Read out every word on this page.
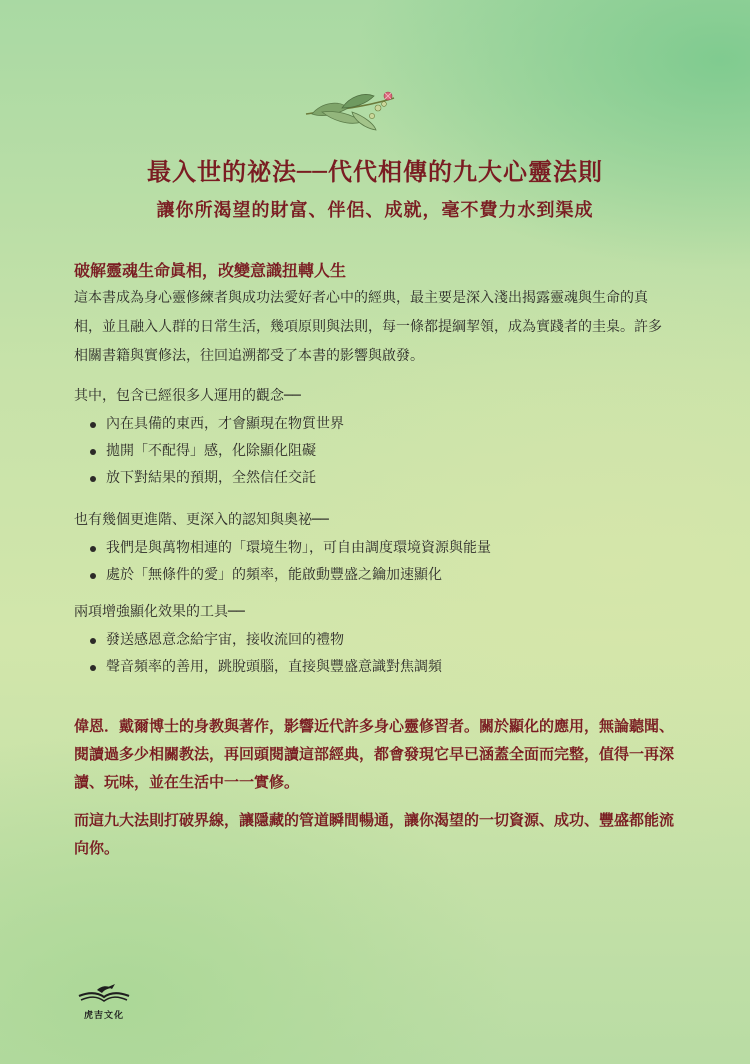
最入世的祕法──代代相傳的九大心靈法則
讓你所渴望的財富、伴侶、成就，毫不費力水到渠成
破解靈魂生命眞相，改變意識扭轉人生

這本書成為身心靈修練者與成功法愛好者心中的經典，最主要是深入淺出揭露靈魂與生命的真相，並且融入人群的日常生活，幾項原則與法則，每一條都提綱挈領，成為實踐者的圭臬。許多相關書籍與實修法，往回追溯都受了本書的影響與啟發。

其中，包含已經很多人運用的觀念──

內在具備的東西，才會顯現在物質世界
拋開「不配得」感，化除顯化阻礙
放下對結果的預期，全然信任交託

也有幾個更進階、更深入的認知與奧祕──

我們是與萬物相連的「環境生物」，可自由調度環境資源與能量
處於「無條件的愛」的頻率，能啟動豐盛之鑰加速顯化

兩項增強顯化效果的工具──

發送感恩意念給宇宙，接收流回的禮物
聲音頻率的善用，跳脫頭腦，直接與豐盛意識對焦調頻

偉恩．戴爾博士的身教與著作，影響近代許多身心靈修習者。關於顯化的應用，無論聽聞、閱讀過多少相關教法，再回頭閱讀這部經典，都會發現它早已涵蓋全面而完整，值得一再深讀、玩味，並在生活中一一實修。

而這九大法則打破界線，讓隱藏的管道瞬間暢通，讓你渴望的一切資源、成功、豐盛都能流向你。

虎吉文化
